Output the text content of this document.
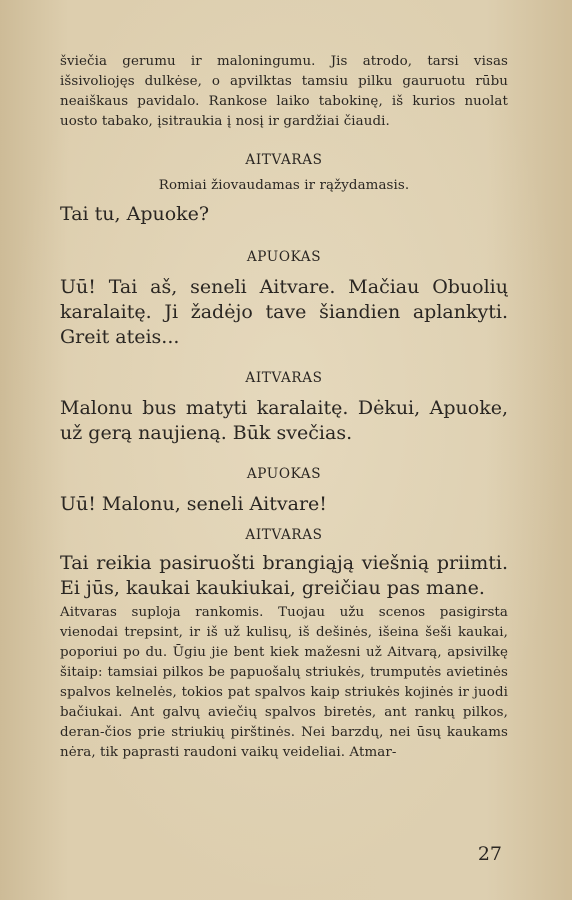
šviečia gerumu ir maloningumu. Jis atrodo, tarsi visas išsivoliojęs dulkėse, o apvilktas tamsiu pilku gauruotu rūbu neaiškaus pavidalo. Rankose laiko tabokinę, iš kurios nuolat uosto tabako, įsitraukia į nosį ir gardžiai čiaudi.

AITVARAS

Romiai žiovaudamas ir rąžydamasis.

Tai tu, Apuoke?

APUOKAS

Uū! Tai aš, seneli Aitvare. Mačiau Obuolių karalaitę. Ji žadėjo tave šiandien aplankyti. Greit ateis...

AITVARAS

Malonu bus matyti karalaitę. Dėkui, Apuoke, už gerą naujieną. Būk svečias.

APUOKAS

Uū! Malonu, seneli Aitvare!

AITVARAS

Tai reikia pasiruošti brangiąją viešnią priimti. Ei jūs, kaukai kaukiukai, greičiau pas mane.

Aitvaras suploja rankomis. Tuojau užu scenos pasigirsta vienodai trepsint, ir iš už kulisų, iš dešinės, išeina šeši kaukai, poporiui po du. Ūgiu jie bent kiek mažesni už Aitvarą, apsivilkę šitaip: tamsiai pilkos be papuošalų striukės, trumputės avietinės spalvos kelnelės, tokios pat spalvos kaip striukės kojinės ir juodi bačiukai. Ant galvų aviečių spalvos biretės, ant rankų pilkos, deran-čios prie striukių pirštinės. Nei barzdų, nei ūsų kaukams nėra, tik paprasti raudoni vaikų veideliai. Atmar-

27
